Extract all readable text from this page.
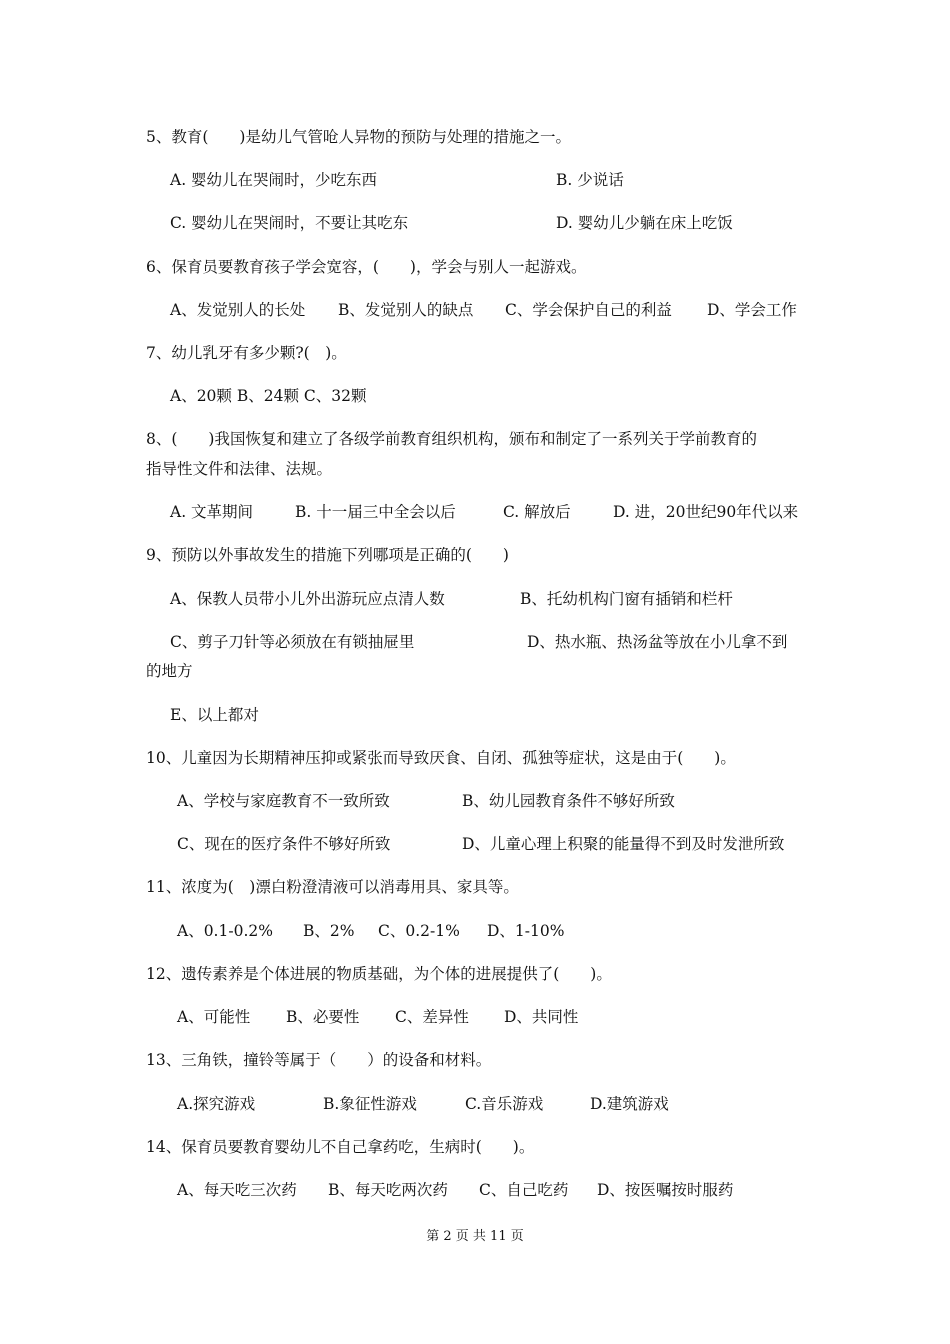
5、教育(　　)是幼儿气管呛人异物的预防与处理的措施之一。
A. 婴幼儿在哭闹时，少吃东西	B. 少说话
C. 婴幼儿在哭闹时，不要让其吃东	D. 婴幼儿少躺在床上吃饭
6、保育员要教育孩子学会宽容，(　　)，学会与别人一起游戏。
A、发觉别人的长处 B、发觉别人的缺点 C、学会保护自己的利益 D、学会工作
7、幼儿乳牙有多少颗?(　)。
A、20颗 B、24颗 C、32颗
8、(　　)我国恢复和建立了各级学前教育组织机构，颁布和制定了一系列关于学前教育的
指导性文件和法律、法规。
A. 文革期间	B. 十一届三中全会以后	C. 解放后	D. 进，20世纪90年代以来
9、预防以外事故发生的措施下列哪项是正确的(　　)
A、保教人员带小儿外出游玩应点清人数	B、托幼机构门窗有插销和栏杆
C、剪子刀针等必须放在有锁抽屉里	D、热水瓶、热汤盆等放在小儿拿不到
的地方
E、以上都对
10、儿童因为长期精神压抑或紧张而导致厌食、自闭、孤独等症状，这是由于(　　)。
A、学校与家庭教育不一致所致	B、幼儿园教育条件不够好所致
C、现在的医疗条件不够好所致	D、儿童心理上积聚的能量得不到及时发泄所致
11、浓度为(　)漂白粉澄清液可以消毒用具、家具等。
A、0.1-0.2% B、2% C、0.2-1% D、1-10%
12、遗传素养是个体进展的物质基础，为个体的进展提供了(　　)。
A、可能性 B、必要性 C、差异性 D、共同性
13、三角铁，撞铃等属于（　　）的设备和材料。
A.探究游戏	B.象征性游戏	C.音乐游戏	D.建筑游戏
14、保育员要教育婴幼儿不自己拿药吃，生病时(　　)。
A、每天吃三次药 B、每天吃两次药 C、自己吃药 D、按医嘱按时服药
第 2 页 共 11 页
